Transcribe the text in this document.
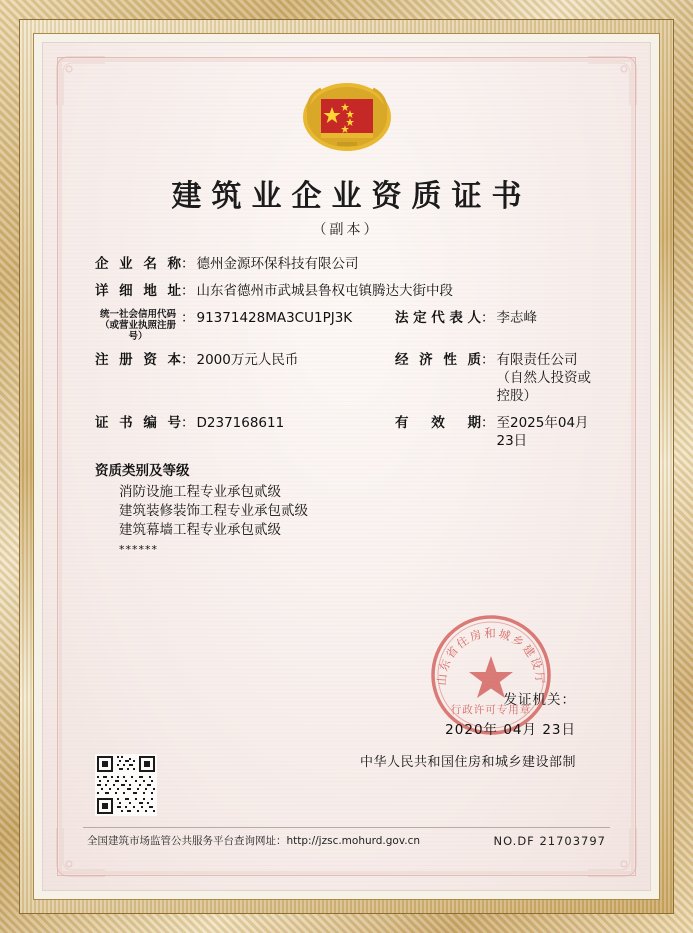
建筑业企业资质证书
（副本）
企业名称 ： 德州金源环保科技有限公司
详细地址 ： 山东省德州市武城县鲁权屯镇腾达大街中段
统一社会信用代码
（或营业执照注册号）
： 91371428MA3CU1PJ3K	法定代表人 ： 李志峰
注册资本 ： 2000万元人民币	经济性质 ： 有限责任公司（自然人投资或控股）
证书编号 ： D237168611	有效期 ： 至2025年04月23日
资质类别及等级
消防设施工程专业承包贰级
建筑装修装饰工程专业承包贰级
建筑幕墙工程专业承包贰级
******
山东省住房和城乡建设厅
行政许可专用章
发证机关：
2020年 04月 23日
中华人民共和国住房和城乡建设部制
全国建筑市场监管公共服务平台查询网址：http://jzsc.mohurd.gov.cn	NO.DF 21703797
